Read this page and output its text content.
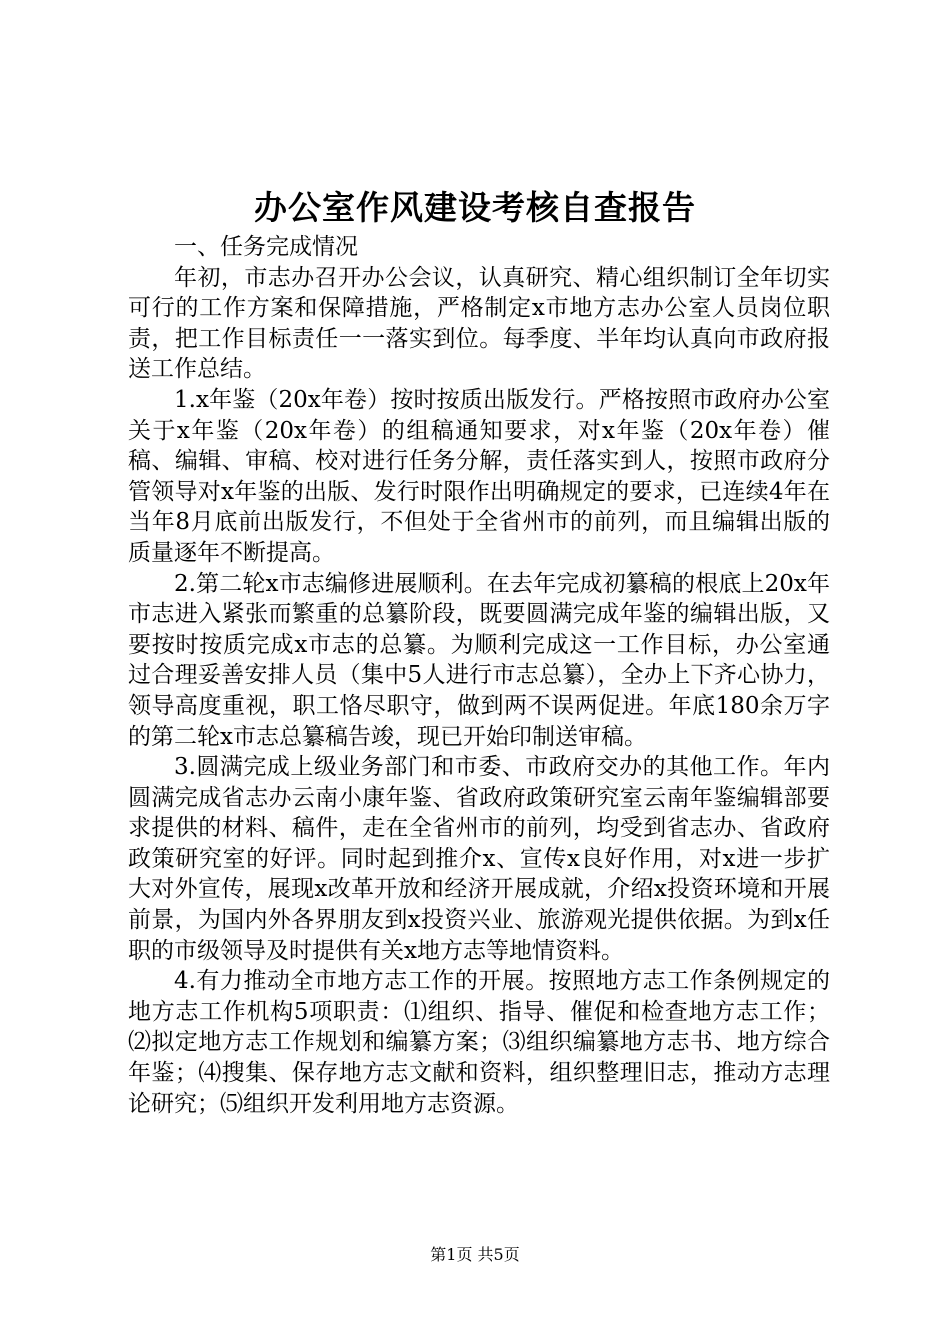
办公室作风建设考核自查报告

一、任务完成情况

年初，市志办召开办公会议，认真研究、精心组织制订全年切实可行的工作方案和保障措施，严格制定x市地方志办公室人员岗位职责，把工作目标责任一一落实到位。每季度、半年均认真向市政府报送工作总结。

1.x年鉴（20x年卷）按时按质出版发行。严格按照市政府办公室关于x年鉴（20x年卷）的组稿通知要求，对x年鉴（20x年卷）催稿、编辑、审稿、校对进行任务分解，责任落实到人，按照市政府分管领导对x年鉴的出版、发行时限作出明确规定的要求，已连续4年在当年8月底前出版发行，不但处于全省州市的前列，而且编辑出版的质量逐年不断提高。

2.第二轮x市志编修进展顺利。在去年完成初纂稿的根底上20x年市志进入紧张而繁重的总纂阶段，既要圆满完成年鉴的编辑出版，又要按时按质完成x市志的总纂。为顺利完成这一工作目标，办公室通过合理妥善安排人员（集中5人进行市志总纂），全办上下齐心协力，领导高度重视，职工恪尽职守，做到两不误两促进。年底180余万字的第二轮x市志总纂稿告竣，现已开始印制送审稿。

3.圆满完成上级业务部门和市委、市政府交办的其他工作。年内圆满完成省志办云南小康年鉴、省政府政策研究室云南年鉴编辑部要求提供的材料、稿件，走在全省州市的前列，均受到省志办、省政府政策研究室的好评。同时起到推介x、宣传x良好作用，对x进一步扩大对外宣传，展现x改革开放和经济开展成就，介绍x投资环境和开展前景，为国内外各界朋友到x投资兴业、旅游观光提供依据。为到x任职的市级领导及时提供有关x地方志等地情资料。

4.有力推动全市地方志工作的开展。按照地方志工作条例规定的地方志工作机构5项职责：⑴组织、指导、催促和检查地方志工作；⑵拟定地方志工作规划和编纂方案；⑶组织编纂地方志书、地方综合年鉴；⑷搜集、保存地方志文献和资料，组织整理旧志，推动方志理论研究；⑸组织开发利用地方志资源。

第1页 共5页
